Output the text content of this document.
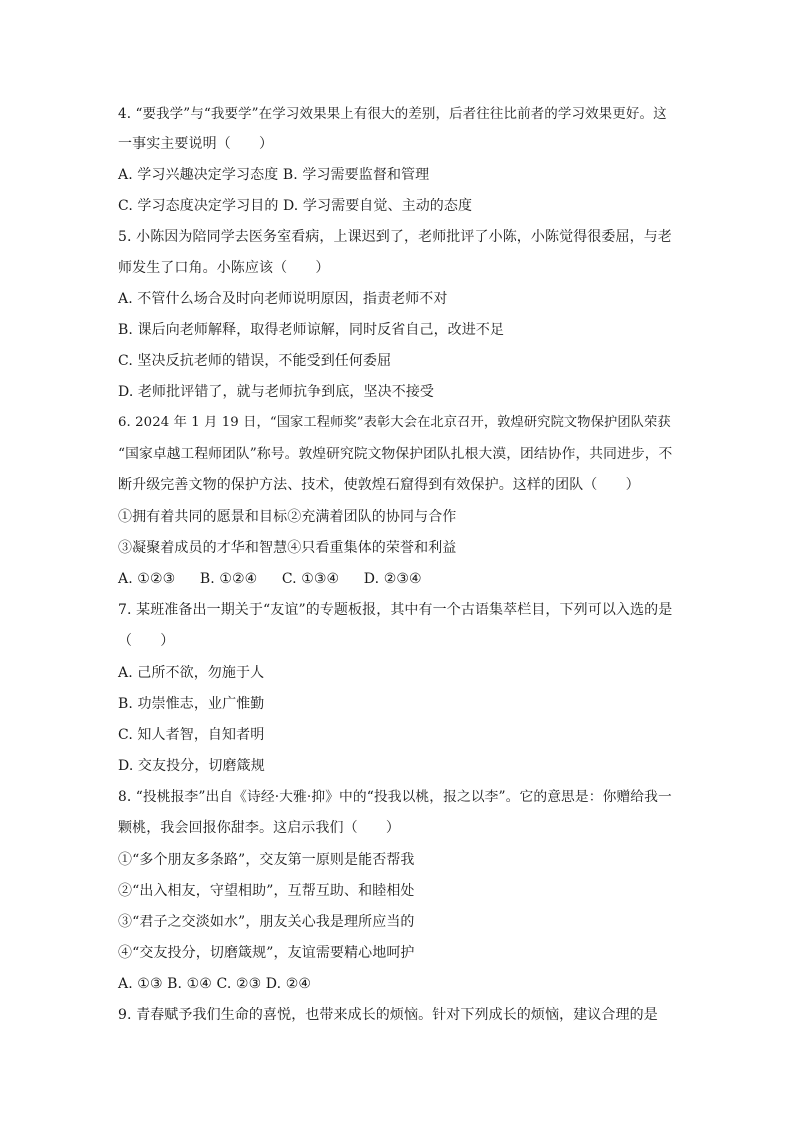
4. “要我学”与“我要学”在学习效果果上有很大的差别，后者往往比前者的学习效果更好。这
一事实主要说明（　　）
A. 学习兴趣决定学习态度 B. 学习需要监督和管理
C. 学习态度决定学习目的 D. 学习需要自觉、主动的态度
5. 小陈因为陪同学去医务室看病，上课迟到了，老师批评了小陈，小陈觉得很委屈，与老
师发生了口角。小陈应该（　　）
A. 不管什么场合及时向老师说明原因，指责老师不对
B. 课后向老师解释，取得老师谅解，同时反省自己，改进不足
C. 坚决反抗老师的错误，不能受到任何委屈
D. 老师批评错了，就与老师抗争到底，坚决不接受
6. 2024 年 1 月 19 日，“国家工程师奖”表彰大会在北京召开，敦煌研究院文物保护团队荣获
“国家卓越工程师团队”称号。敦煌研究院文物保护团队扎根大漠，团结协作，共同进步，不
断升级完善文物的保护方法、技术，使敦煌石窟得到有效保护。这样的团队（　　）
①拥有着共同的愿景和目标②充满着团队的协同与合作
③凝聚着成员的才华和智慧④只看重集体的荣誉和利益
A. ①②③ B. ①②④ C. ①③④ D. ②③④
7. 某班准备出一期关于“友谊”的专题板报，其中有一个古语集萃栏目，下列可以入选的是
（　　）
A. 己所不欲，勿施于人
B. 功崇惟志，业广惟勤
C. 知人者智，自知者明
D. 交友投分，切磨箴规
8. “投桃报李”出自《诗经·大雅·抑》中的“投我以桃，报之以李”。它的意思是：你赠给我一
颗桃，我会回报你甜李。这启示我们（　　）
①“多个朋友多条路”，交友第一原则是能否帮我
②“出入相友，守望相助”，互帮互助、和睦相处
③“君子之交淡如水”，朋友关心我是理所应当的
④“交友投分，切磨箴规”，友谊需要精心地呵护
A. ①③ B. ①④ C. ②③ D. ②④
9. 青春赋予我们生命的喜悦，也带来成长的烦恼。针对下列成长的烦恼，建议合理的是
